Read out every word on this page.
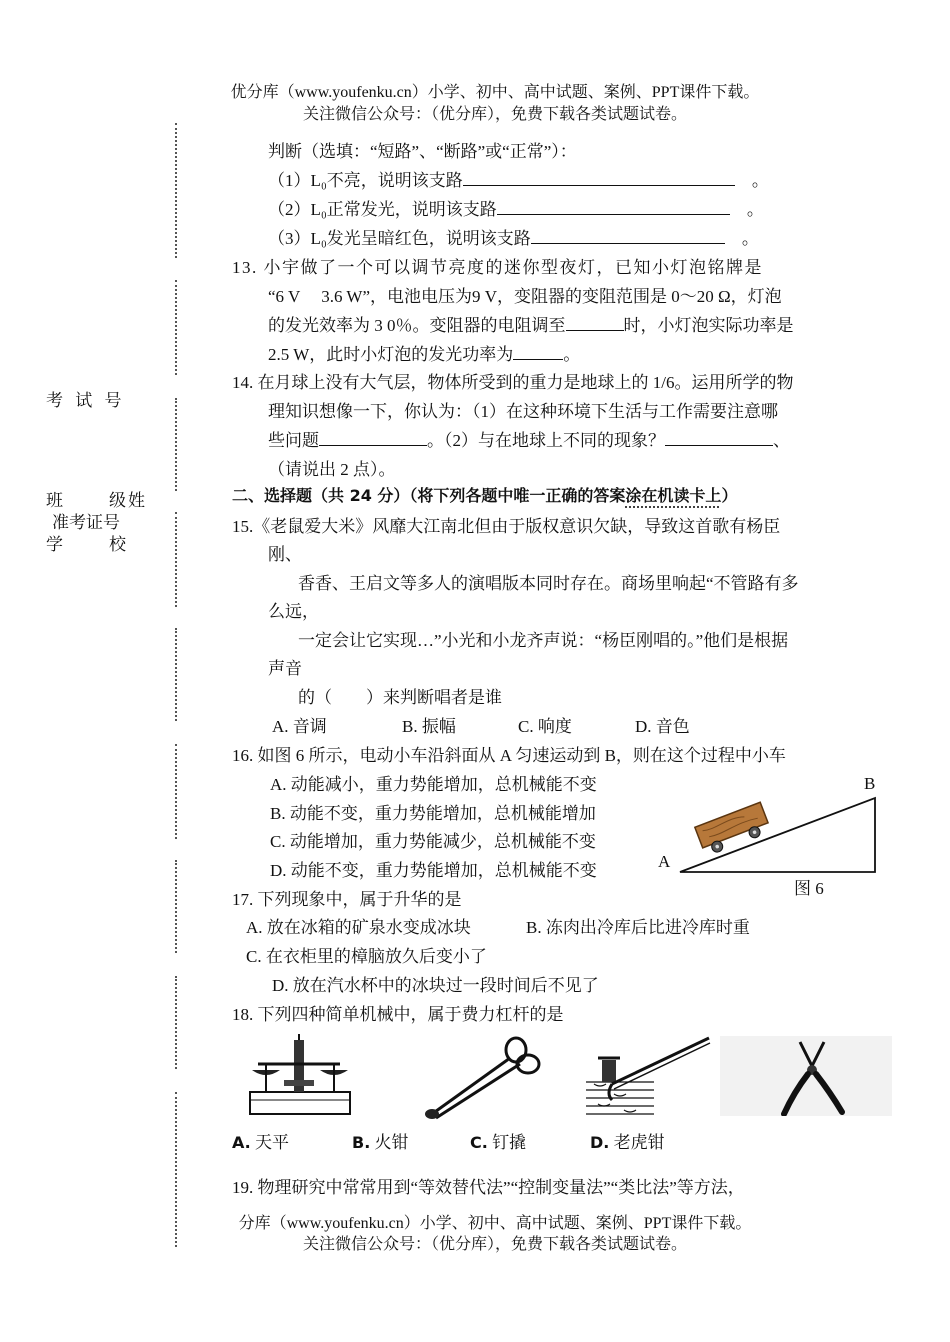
优分库（www.youfenku.cn）小学、初中、高中试题、案例、PPT课件下载。
关注微信公众号：（优分库），免费下载各类试题试卷。
考 试 号
班　　级
姓
准考证号
学　　校
判断（选填：“短路”、“断路”或“正常”）：
（1）L₀不亮，说明该支路　	。
（2）L₀正常发光，说明该支路　	。
（3）L₀发光呈暗红色，说明该支路　	。
13. 小宇做了一个可以调节亮度的迷你型夜灯，已知小灯泡铭牌是
“6 V　 3.6 W”，电池电压为9 V，变阻器的变阻范围是 0～20 Ω，灯泡
的发光效率为 3 0％。变阻器的电阻调至	时，小灯泡实际功率是
2.5 W，此时小灯泡的发光功率为	。
14. 在月球上没有大气层，物体所受到的重力是地球上的 1/6。运用所学的物
理知识想像一下，你认为：（1）在这种环境下生活与工作需要注意哪
些问题	。（2）与在地球上不同的现象？	、
（请说出 2 点）。
二、选择题（共 24 分）（将下列各题中唯一正确的答案涂在机读卡上）
15.《老鼠爱大米》风靡大江南北但由于版权意识欠缺，导致这首歌有杨臣
刚、
香香、王启文等多人的演唱版本同时存在。商场里响起“不管路有多
么远，
一定会让它实现…”小光和小龙齐声说：“杨臣刚唱的。”他们是根据
声音
的（　　）来判断唱者是谁
A. 音调	B. 振幅	C. 响度	D. 音色
16. 如图 6 所示，电动小车沿斜面从 A 匀速运动到 B，则在这个过程中小车
A. 动能减小，重力势能增加，总机械能不变
B. 动能不变，重力势能增加，总机械能增加
C. 动能增加，重力势能减少，总机械能不变
D. 动能不变，重力势能增加，总机械能不变	A
B
图 6
17. 下列现象中，属于升华的是
A. 放在冰箱的矿泉水变成冰块	B. 冻肉出冷库后比进冷库时重
C. 在衣柜里的樟脑放久后变小了
D. 放在汽水杯中的冰块过一段时间后不见了
18. 下列四种简单机械中，属于费力杠杆的是
A. 天平	B. 火钳	C. 钉撬	D. 老虎钳
19. 物理研究中常常用到“等效替代法”“控制变量法”“类比法”等方法，
分库（www.youfenku.cn）小学、初中、高中试题、案例、PPT课件下载。
关注微信公众号：（优分库），免费下载各类试题试卷。
